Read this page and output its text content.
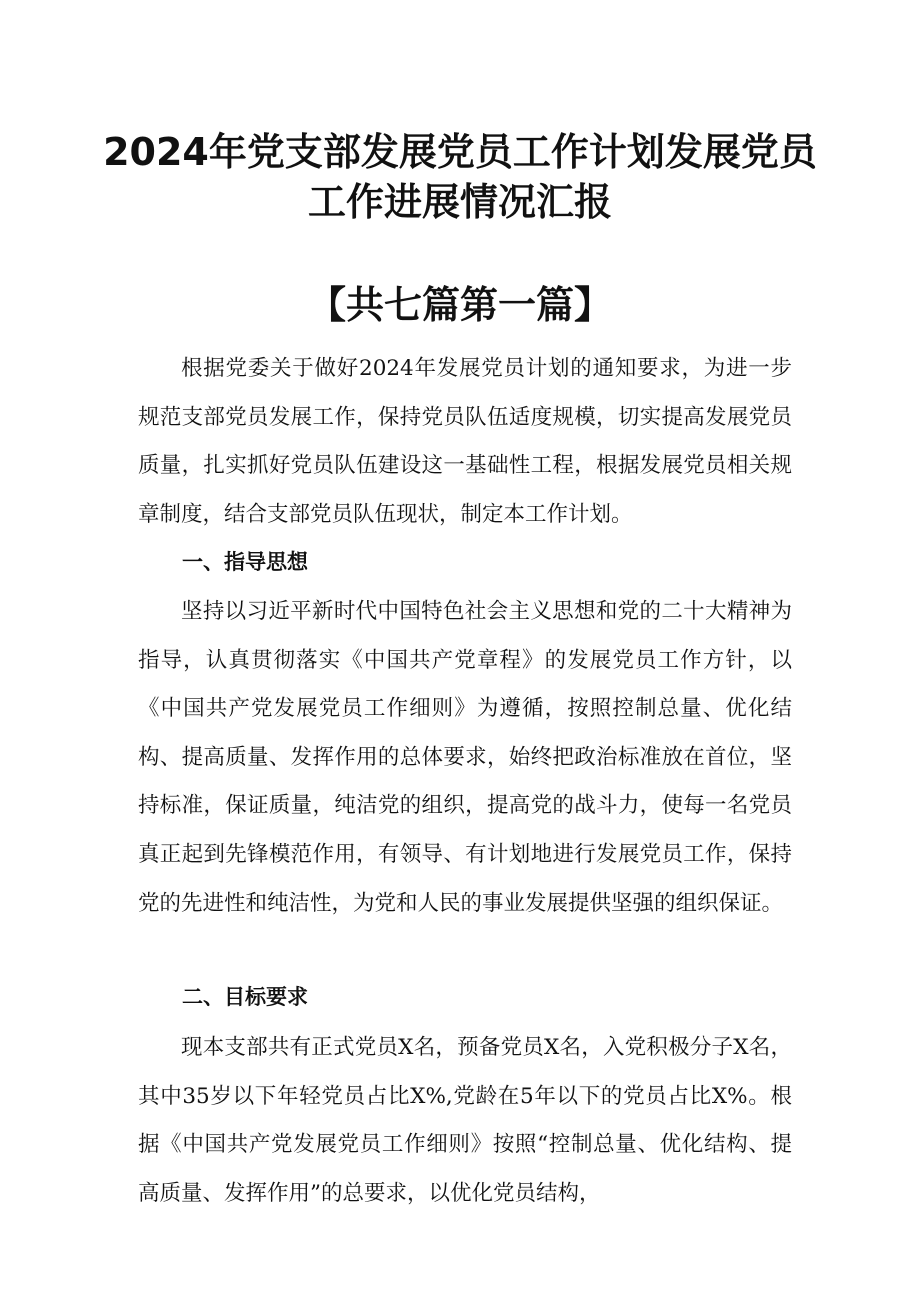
2024年党支部发展党员工作计划发展党员
工作进展情况汇报
【共七篇第一篇】

根据党委关于做好2024年发展党员计划的通知要求，为进一步规范支部党员发展工作，保持党员队伍适度规模，切实提高发展党员质量，扎实抓好党员队伍建设这一基础性工程，根据发展党员相关规章制度，结合支部党员队伍现状，制定本工作计划。

一、指导思想

坚持以习近平新时代中国特色社会主义思想和党的二十大精神为指导，认真贯彻落实《中国共产党章程》的发展党员工作方针，以《中国共产党发展党员工作细则》为遵循，按照控制总量、优化结构、提高质量、发挥作用的总体要求，始终把政治标准放在首位，坚持标准，保证质量，纯洁党的组织，提高党的战斗力，使每一名党员真正起到先锋模范作用，有领导、有计划地进行发展党员工作，保持党的先进性和纯洁性，为党和人民的事业发展提供坚强的组织保证。

二、目标要求

现本支部共有正式党员X名，预备党员X名，入党积极分子X名，其中35岁以下年轻党员占比X%,党龄在5年以下的党员占比X%。根据《中国共产党发展党员工作细则》按照“控制总量、优化结构、提高质量、发挥作用”的总要求，以优化党员结构，
